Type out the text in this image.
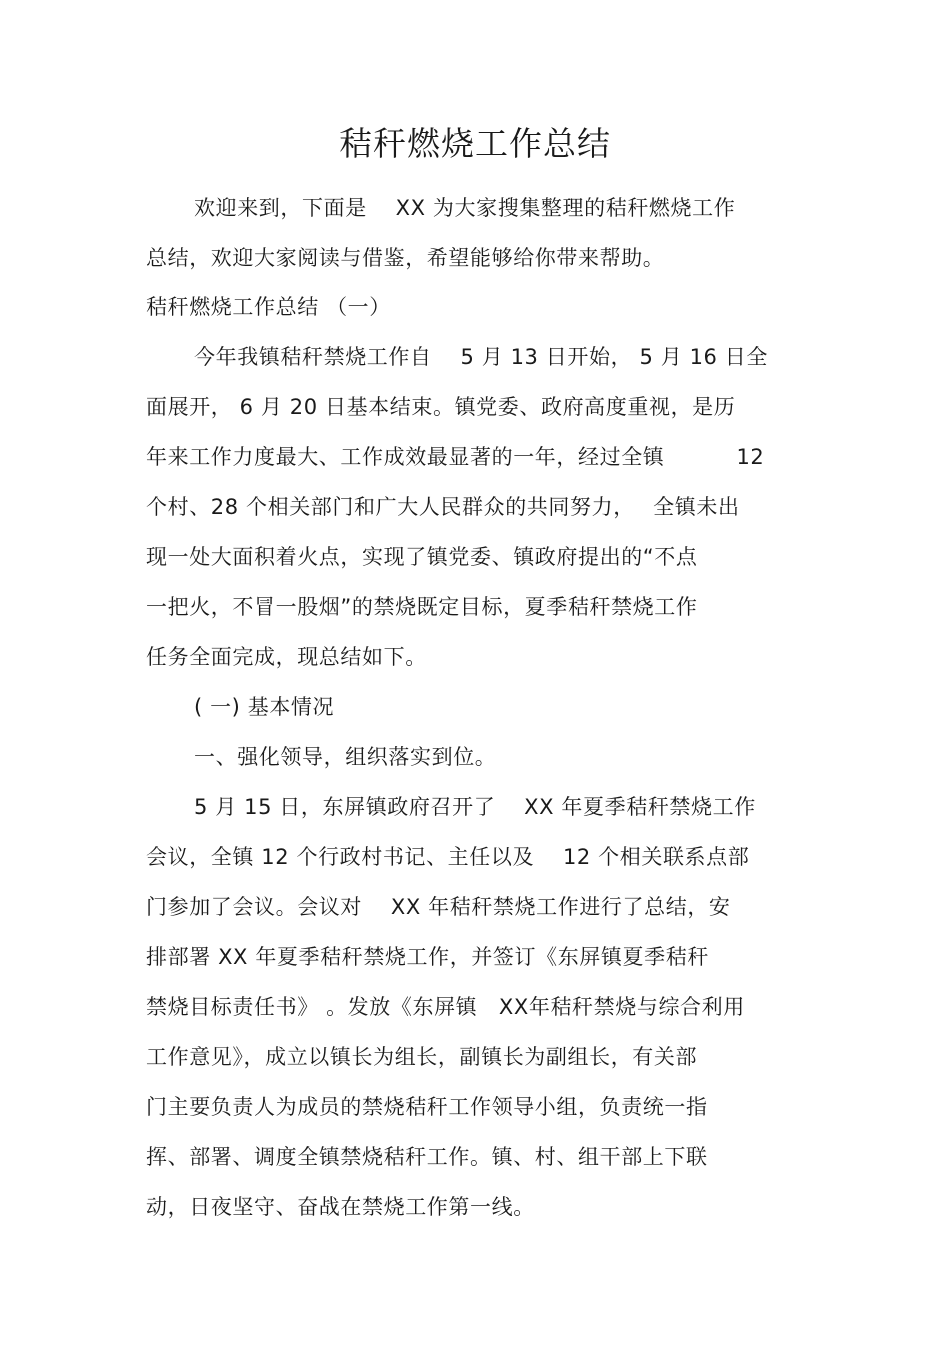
秸秆燃烧工作总结
欢迎来到，下面是　 XX 为大家搜集整理的秸秆燃烧工作
总结，欢迎大家阅读与借鉴，希望能够给你带来帮助。
秸秆燃烧工作总结 （一）
今年我镇秸秆禁烧工作自　 5 月 13 日开始， 5 月 16 日全
面展开， 6 月 20 日基本结束。镇党委、政府高度重视，是历
年来工作力度最大、工作成效最显著的一年，经过全镇　　　 12
个村、28 个相关部门和广大人民群众的共同努力，　 全镇未出
现一处大面积着火点，实现了镇党委、镇政府提出的“不点
一把火，不冒一股烟”的禁烧既定目标，夏季秸秆禁烧工作
任务全面完成，现总结如下。
( 一) 基本情况
一、强化领导，组织落实到位。
5 月 15 日，东屏镇政府召开了　 XX 年夏季秸秆禁烧工作
会议，全镇 12 个行政村书记、主任以及　 12 个相关联系点部
门参加了会议。会议对　 XX 年秸秆禁烧工作进行了总结，安
排部署 XX 年夏季秸秆禁烧工作，并签订《东屏镇夏季秸秆
禁烧目标责任书》 。发放《东屏镇　XX年秸秆禁烧与综合利用
工作意见》，成立以镇长为组长，副镇长为副组长，有关部
门主要负责人为成员的禁烧秸秆工作领导小组，负责统一指
挥、部署、调度全镇禁烧秸秆工作。镇、村、组干部上下联
动，日夜坚守、奋战在禁烧工作第一线。
